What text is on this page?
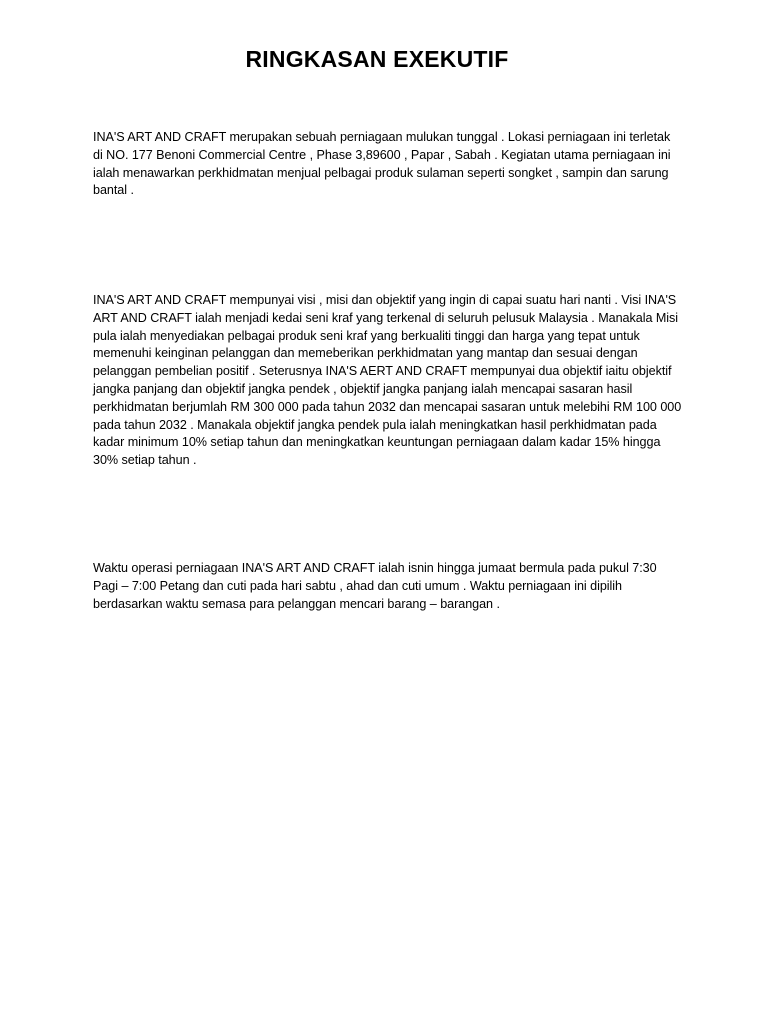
RINGKASAN EXEKUTIF

INA'S ART AND CRAFT merupakan sebuah perniagaan mulukan tunggal . Lokasi perniagaan ini terletak di NO. 177 Benoni Commercial Centre , Phase 3,89600 , Papar , Sabah . Kegiatan utama perniagaan ini ialah menawarkan perkhidmatan menjual pelbagai produk sulaman seperti songket , sampin dan sarung bantal .

INA'S ART AND CRAFT mempunyai visi , misi dan objektif yang ingin di capai suatu hari nanti . Visi INA'S ART AND CRAFT ialah menjadi kedai seni kraf yang terkenal di seluruh pelusuk Malaysia . Manakala Misi pula ialah menyediakan pelbagai produk seni kraf yang berkualiti tinggi dan harga yang tepat untuk memenuhi keinginan pelanggan dan memeberikan perkhidmatan yang mantap dan sesuai dengan pelanggan pembelian positif . Seterusnya INA'S AERT AND CRAFT mempunyai dua objektif iaitu objektif jangka panjang dan objektif jangka pendek , objektif jangka panjang ialah mencapai sasaran hasil perkhidmatan berjumlah RM 300 000 pada tahun 2032 dan mencapai sasaran untuk melebihi RM 100 000 pada tahun 2032 . Manakala objektif jangka pendek pula ialah meningkatkan hasil perkhidmatan pada kadar minimum 10% setiap tahun dan meningkatkan keuntungan perniagaan dalam kadar 15% hingga 30% setiap tahun .

Waktu operasi perniagaan INA'S ART AND CRAFT ialah isnin hingga jumaat bermula pada pukul 7:30 Pagi – 7:00 Petang dan cuti pada hari sabtu , ahad dan cuti umum . Waktu perniagaan ini dipilih berdasarkan waktu semasa para pelanggan mencari barang – barangan .
